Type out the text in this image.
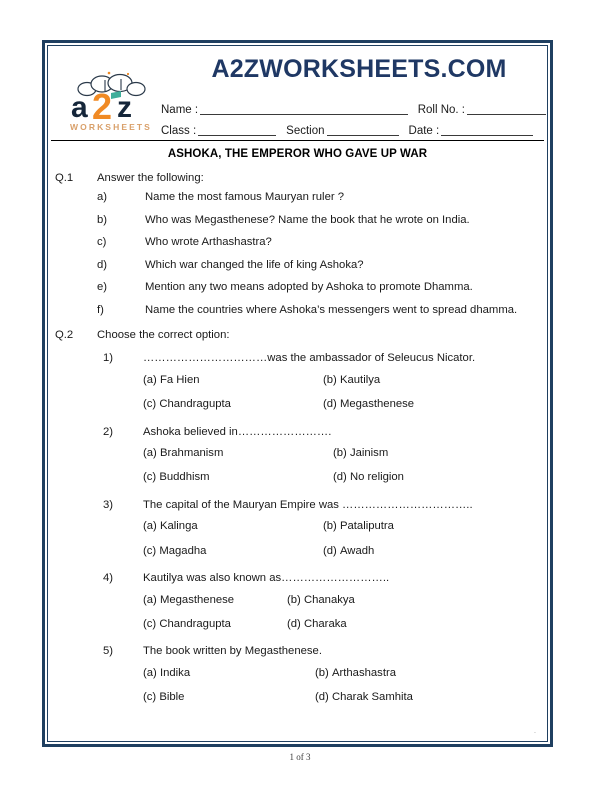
a 2 z
WORKSHEETS
A2ZWORKSHEETS.COM
Name :	Roll No. :
Class :	Section	Date :
ASHOKA, THE EMPEROR WHO GAVE UP WAR
Q.1	Answer the following:
a)	Name the most famous Mauryan ruler ?
b)	Who was Megasthenese? Name the book that he wrote on India.
c)	Who wrote Arthashastra?
d)	Which war changed the life of king Ashoka?
e)	Mention any two means adopted by Ashoka to promote Dhamma.
f)	Name the countries where Ashoka’s messengers went to spread dhamma.
Q.2	Choose the correct option:
1)	……………………………was the ambassador of Seleucus Nicator.
(a) Fa Hien	(b) Kautilya
(c) Chandragupta	(d) Megasthenese
2)	Ashoka believed in…………………….
(a) Brahmanism	(b) Jainism
(c) Buddhism	(d) No religion
3)	The capital of the Mauryan Empire was ……………………………..
(a) Kalinga	(b) Pataliputra
(c) Magadha	(d) Awadh
4)	Kautilya was also known as………………………..
(a) Megasthenese	(b) Chanakya
(c) Chandragupta	(d) Charaka
5)	The book written by Megasthenese.
(a) Indika	(b) Arthashastra
(c) Bible	(d) Charak Samhita
.
1 of 3
